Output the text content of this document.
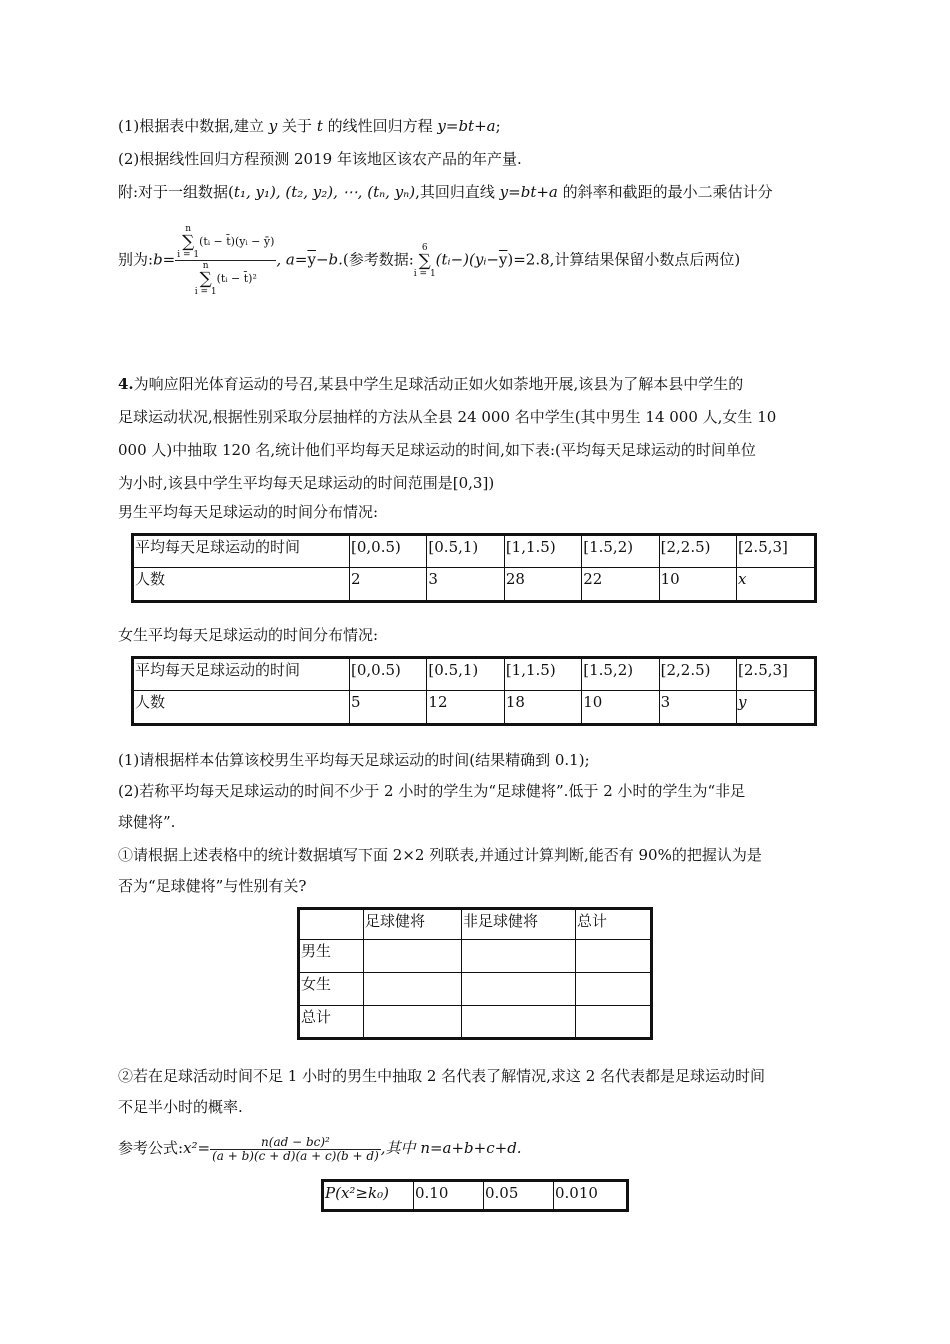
(1)根据表中数据,建立 y 关于 t 的线性回归方程 y=bt+a;
(2)根据线性回归方程预测 2019 年该地区该农产品的年产量.
附:对于一组数据(t₁, y₁), (t₂, y₂), ⋯, (tₙ, yₙ),其回归直线 y=bt+a 的斜率和截距的最小二乘估计分
别为:b= n
∑
i = 1(tᵢ − t̄)(yᵢ − ȳ)
n
∑
i = 1(tᵢ − t̄)² , $a=\overline{y}-b$.(参考数据:6
∑
$i = 1(tᵢ-)(yᵢ-\overline{y})=2.8$,计算结果保留小数点后两位)
4.为响应阳光体育运动的号召,某县中学生足球活动正如火如荼地开展,该县为了解本县中学生的
足球运动状况,根据性别采取分层抽样的方法从全县 24 000 名中学生(其中男生 14 000 人,女生 10
000 人)中抽取 120 名,统计他们平均每天足球运动的时间,如下表:(平均每天足球运动的时间单位
为小时,该县中学生平均每天足球运动的时间范围是[0,3])
男生平均每天足球运动的时间分布情况:
平均每天足球运动的时间	[0,0.5)	[0.5,1)	[1,1.5)	[1.5,2)	[2,2.5)	[2.5,3]
人数	2	3	28	22	10	x
女生平均每天足球运动的时间分布情况:
平均每天足球运动的时间	[0,0.5)	[0.5,1)	[1,1.5)	[1.5,2)	[2,2.5)	[2.5,3]
人数	5	12	18	10	3	y
(1)请根据样本估算该校男生平均每天足球运动的时间(结果精确到 0.1);
(2)若称平均每天足球运动的时间不少于 2 小时的学生为“足球健将”.低于 2 小时的学生为“非足
球健将”.
①请根据上述表格中的统计数据填写下面 2×2 列联表,并通过计算判断,能否有 90%的把握认为是
否为“足球健将”与性别有关?
	足球健将	非足球健将	总计
男生			
女生			
总计			
②若在足球活动时间不足 1 小时的男生中抽取 2 名代表了解情况,求这 2 名代表都是足球运动时间
不足半小时的概率.
参考公式:x²= $\frac{\text{n(ad − bc)²}}{(a + b)(c + d)(a + c)(b + d)}$ ,其中 n=a+b+c+d.
P(x²≥k₀)	0.10	0.05	0.010
